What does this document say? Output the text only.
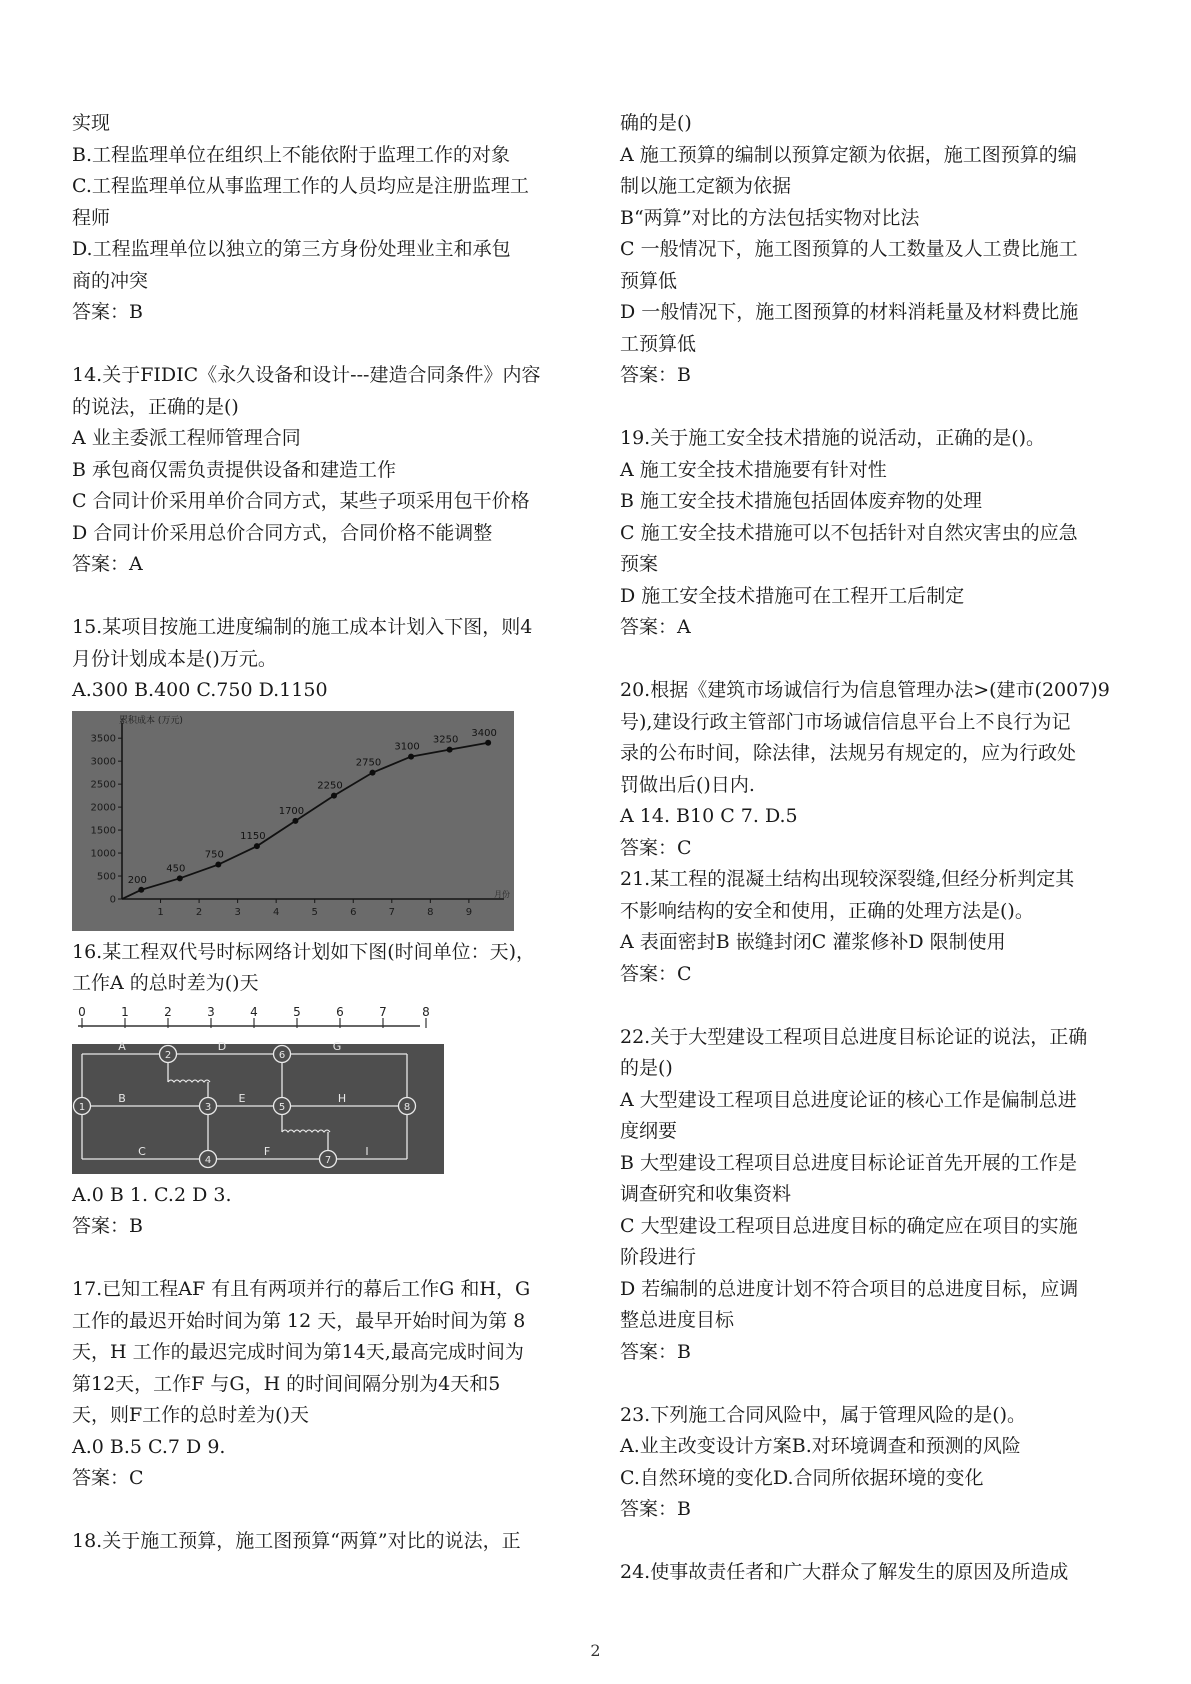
实现
B.工程监理单位在组织上不能依附于监理工作的对象
C.工程监理单位从事监理工作的人员均应是注册监理工
程师
D.工程监理单位以独立的第三方身份处理业主和承包
商的冲突
答案：B
14.关于FIDIC《永久设备和设计---建造合同条件》内容
的说法，正确的是()
A 业主委派工程师管理合同
B 承包商仅需负责提供设备和建造工作
C 合同计价采用单价合同方式，某些子项采用包干价格
D 合同计价采用总价合同方式，合同价格不能调整
答案：A
15.某项目按施工进度编制的施工成本计划入下图，则4
月份计划成本是()万元。
A.300 B.400 C.750 D.1150
累积成本 (万元)
月份
0
500
1000
1500
2000
2500
3000
3500
1	2	3	4	5	6	7	8	9
200
450
750
1150
1700
2250
2750
3100
3250
3400
16.某工程双代号时标网络计划如下图(时间单位：天)，
工作A 的总时差为()天
0	1	2	3	4	5	6	7	8
A	D	G
B	E	H
C	F	I
1
2
3
4
5
6
7
8
A.0 B 1. C.2 D 3.
答案：B
17.已知工程AF 有且有两项并行的幕后工作G 和H，G
工作的最迟开始时间为第 12 天，最早开始时间为第 8
天，H 工作的最迟完成时间为第14天,最高完成时间为
第12天，工作F 与G，H 的时间间隔分别为4天和5
天，则F工作的总时差为()天
A.0 B.5 C.7 D 9.
答案：C
18.关于施工预算，施工图预算“两算”对比的说法，正
确的是()
A 施工预算的编制以预算定额为依据，施工图预算的编
制以施工定额为依据
B“两算”对比的方法包括实物对比法
C 一般情况下，施工图预算的人工数量及人工费比施工
预算低
D 一般情况下，施工图预算的材料消耗量及材料费比施
工预算低
答案：B
19.关于施工安全技术措施的说活动，正确的是()。
A 施工安全技术措施要有针对性
B 施工安全技术措施包括固体废弃物的处理
C 施工安全技术措施可以不包括针对自然灾害虫的应急
预案
D 施工安全技术措施可在工程开工后制定
答案：A
20.根据《建筑市场诚信行为信息管理办法>(建市(2007)9
号),建设行政主管部门市场诚信信息平台上不良行为记
录的公布时间，除法律，法规另有规定的，应为行政处
罚做出后()日内.
A 14. B10 C 7. D.5
答案：C
21.某工程的混凝土结构出现较深裂缝,但经分析判定其
不影响结构的安全和使用，正确的处理方法是()。
A 表面密封B 嵌缝封闭C 灌浆修补D 限制使用
答案：C
22.关于大型建设工程项目总进度目标论证的说法，正确
的是()
A 大型建设工程项目总进度论证的核心工作是偏制总进
度纲要
B 大型建设工程项目总进度目标论证首先开展的工作是
调查研究和收集资料
C 大型建设工程项目总进度目标的确定应在项目的实施
阶段进行
D 若编制的总进度计划不符合项目的总进度目标，应调
整总进度目标
答案：B
23.下列施工合同风险中，属于管理风险的是()。
A.业主改变设计方案B.对环境调查和预测的风险
C.自然环境的变化D.合同所依据环境的变化
答案：B
24.使事故责任者和广大群众了解发生的原因及所造成
2
